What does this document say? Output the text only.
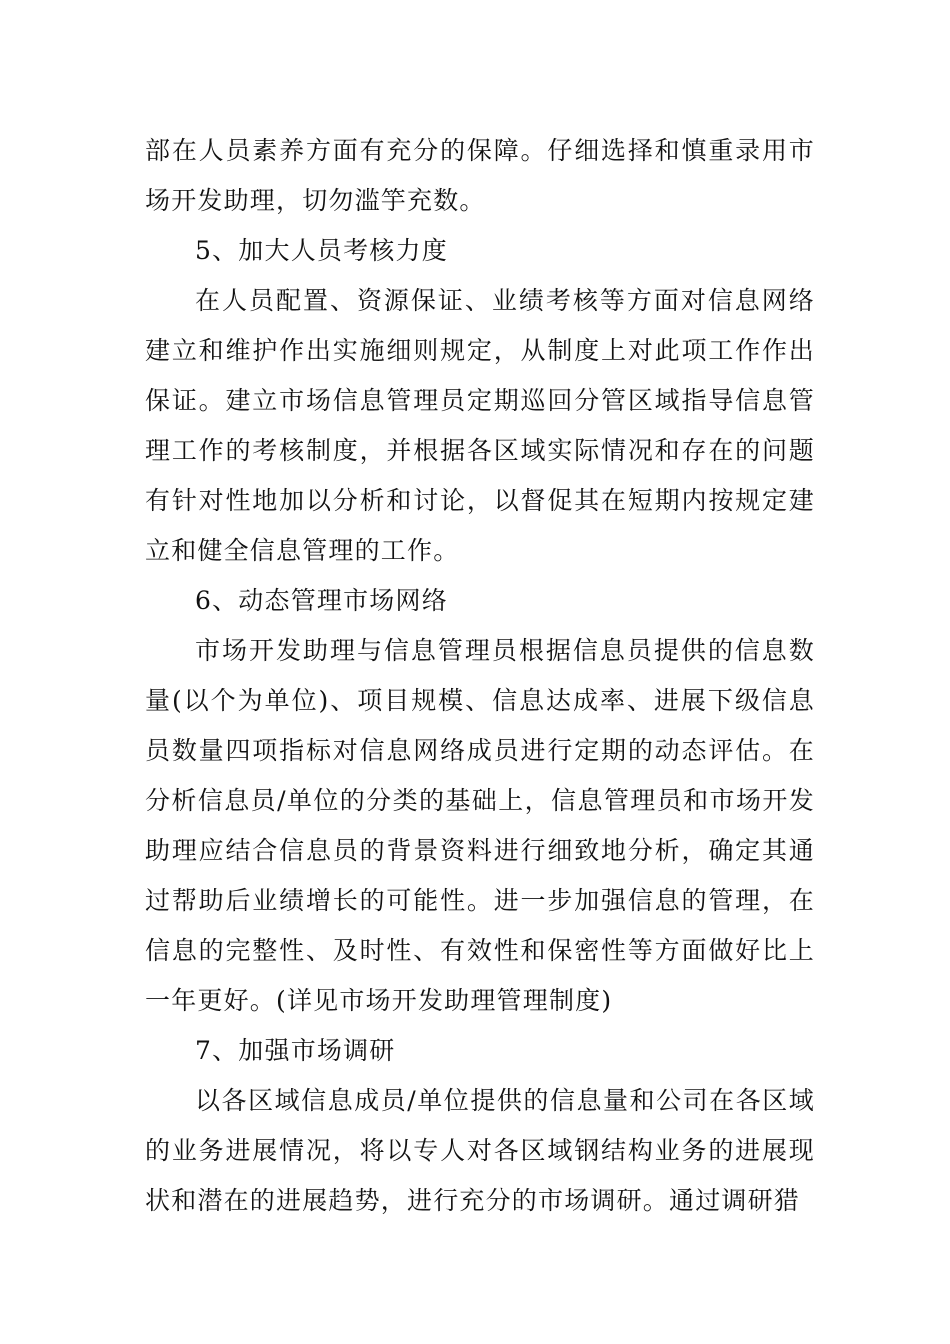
部在人员素养方面有充分的保障。仔细选择和慎重录用市场开发助理，切勿滥竽充数。

5、加大人员考核力度

在人员配置、资源保证、业绩考核等方面对信息网络建立和维护作出实施细则规定，从制度上对此项工作作出保证。建立市场信息管理员定期巡回分管区域指导信息管理工作的考核制度，并根据各区域实际情况和存在的问题有针对性地加以分析和讨论，以督促其在短期内按规定建立和健全信息管理的工作。

6、动态管理市场网络

市场开发助理与信息管理员根据信息员提供的信息数量(以个为单位)、项目规模、信息达成率、进展下级信息员数量四项指标对信息网络成员进行定期的动态评估。在分析信息员/单位的分类的基础上，信息管理员和市场开发助理应结合信息员的背景资料进行细致地分析，确定其通过帮助后业绩增长的可能性。进一步加强信息的管理，在信息的完整性、及时性、有效性和保密性等方面做好比上一年更好。(详见市场开发助理管理制度)

7、加强市场调研

以各区域信息成员/单位提供的信息量和公司在各区域的业务进展情况，将以专人对各区域钢结构业务的进展现状和潜在的进展趋势，进行充分的市场调研。通过调研猎
